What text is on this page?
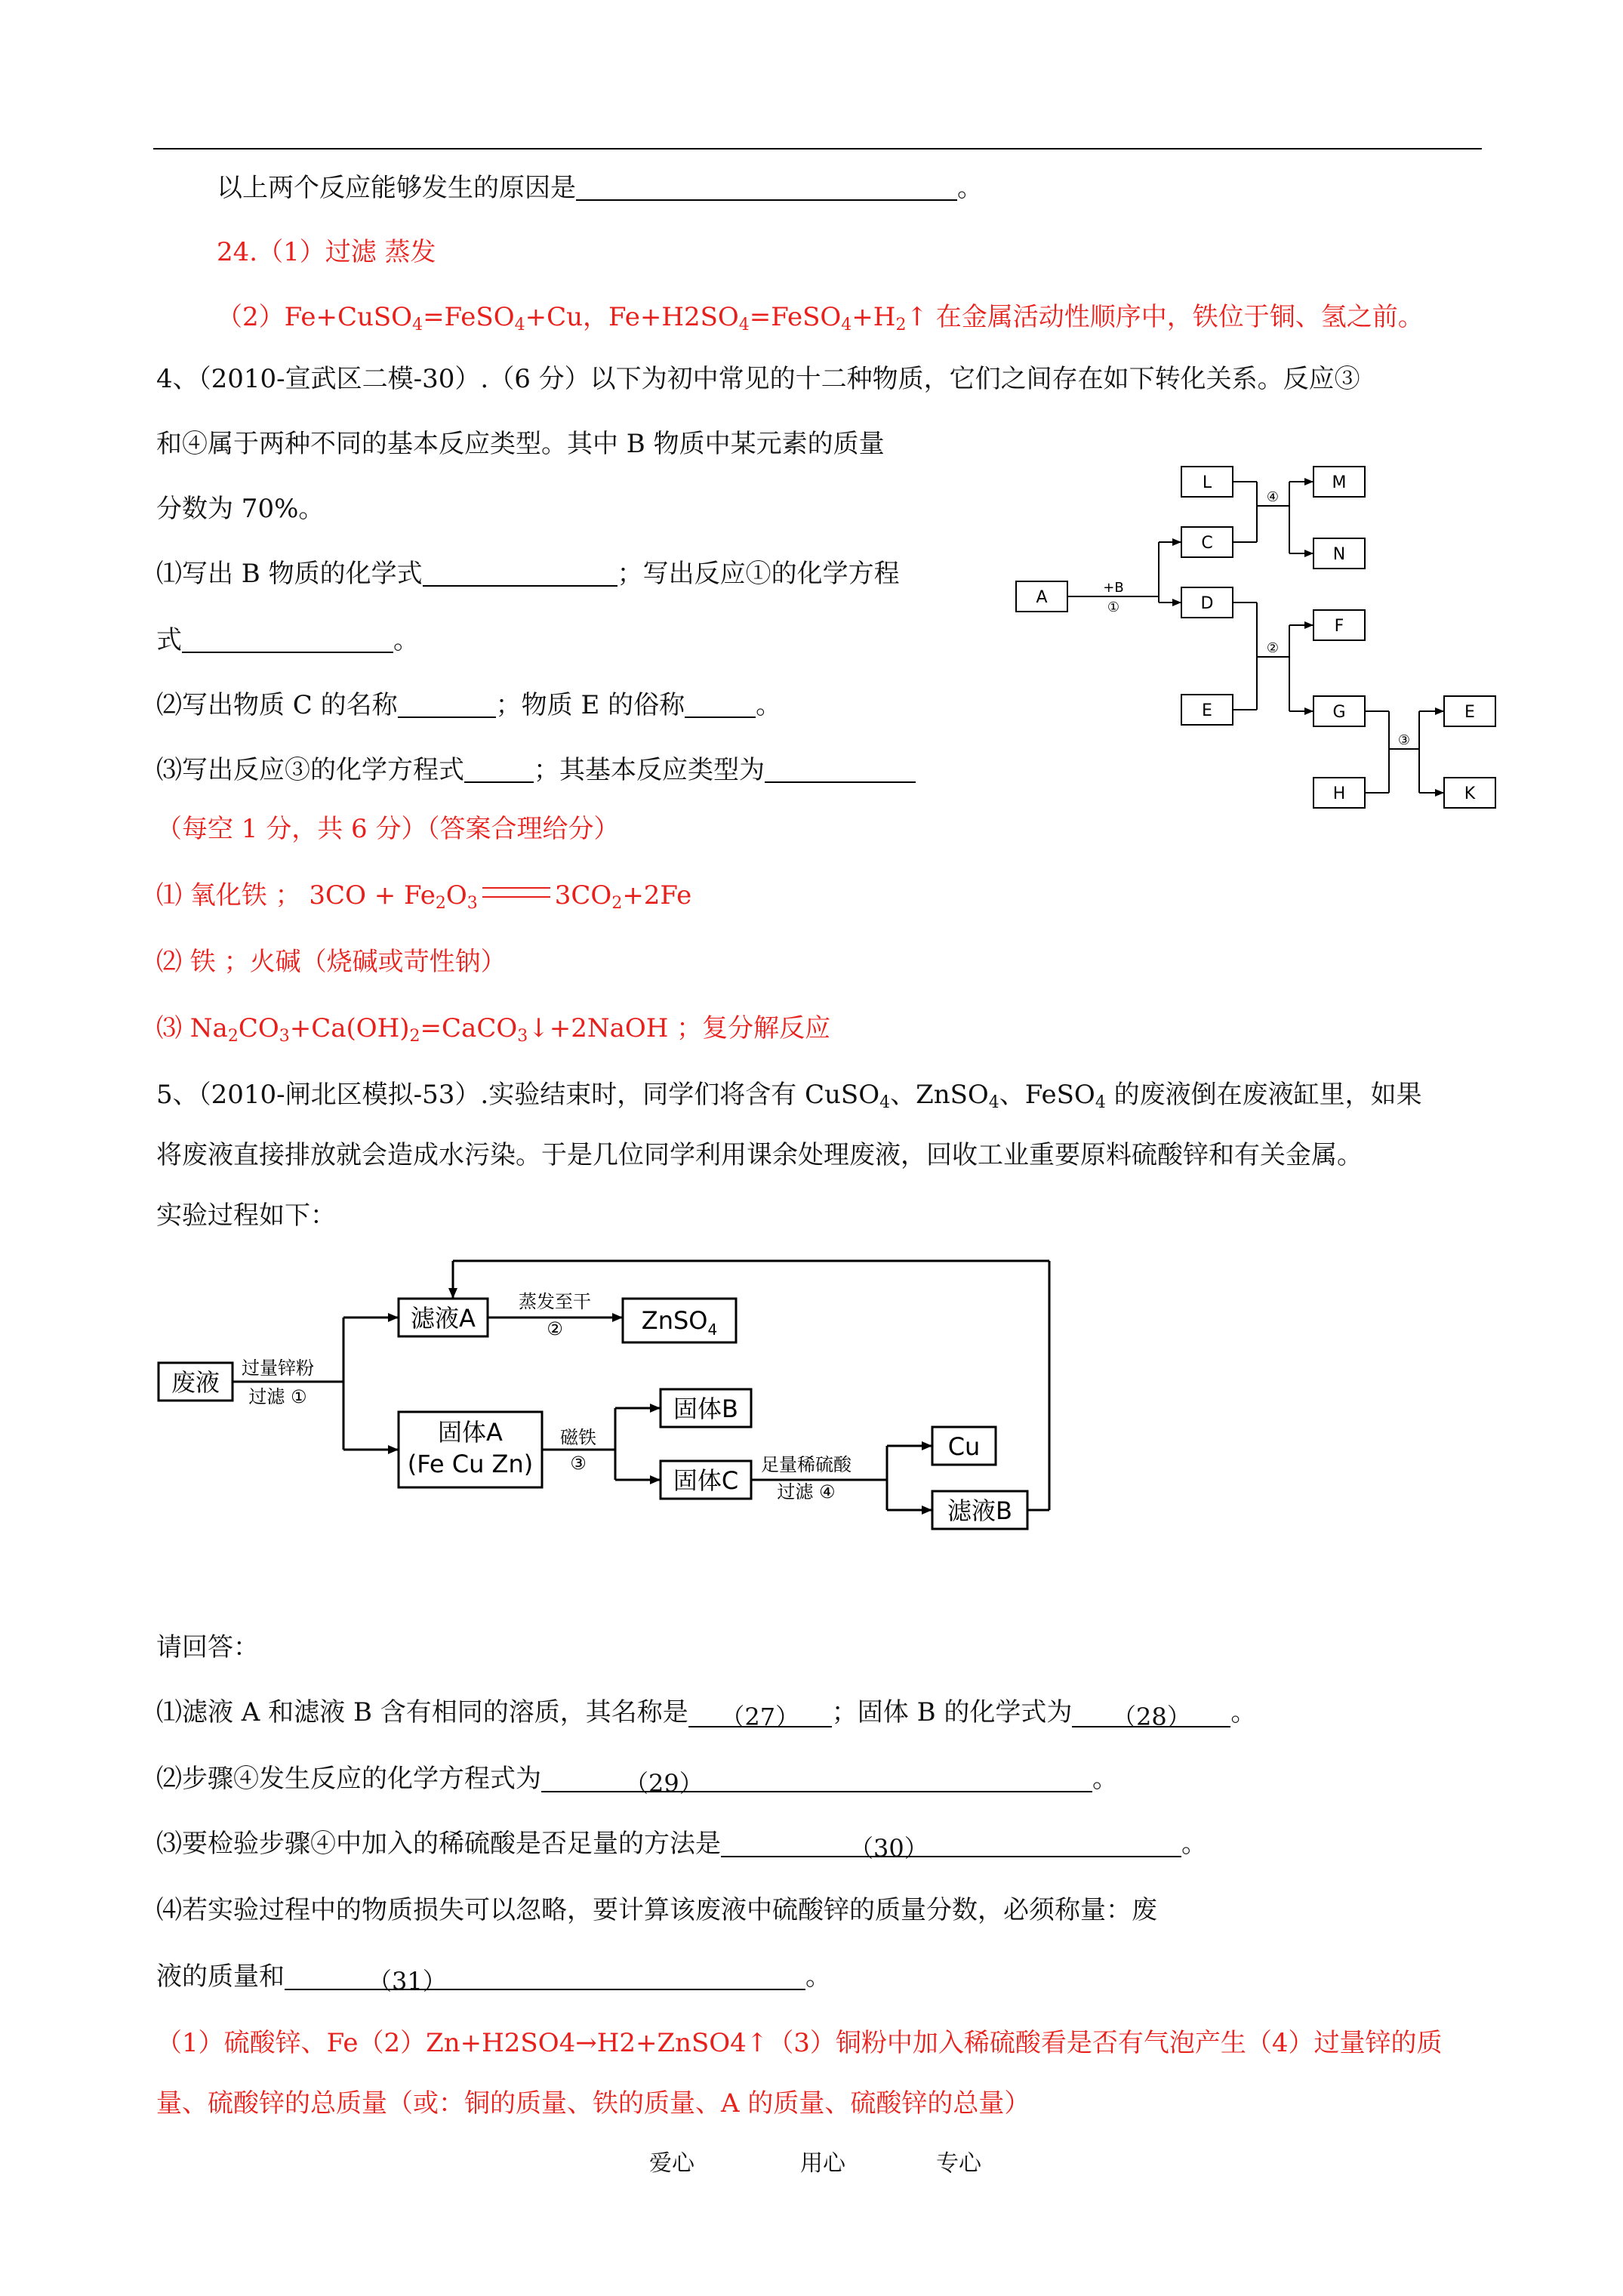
以上两个反应能够发生的原因是	。
24.（1）过滤 蒸发
（2）Fe+CuSO$_4$=FeSO$_4$+Cu，$Fe+H2SO_4=FeSO_4+H_2↑$ 在金属活动性顺序中，铁位于铜、氢之前。
4、（2010-宣武区二模-30）.（6 分）以下为初中常见的十二种物质，它们之间存在如下转化关系。反应③
和④属于两种不同的基本反应类型。其中 B 物质中某元素的质量
分数为 70%。
⑴写出 B 物质的化学式	；写出反应①的化学方程
式	。
⑵写出物质 C 的名称	；物质 E 的俗称	。
⑶写出反应③的化学方程式	；其基本反应类型为
A
L
C
D
E
M
N
F
G
H
E
K
+B
①
④
②
③
（每空 1 分，共 6 分）（答案合理给分）
⑴ 氧化铁 ； $3CO + Fe_2O_3$	$3CO_2+2Fe$
⑵ 铁 ；火碱（烧碱或苛性钠）
⑶ $Na_2CO_3+Ca(OH)_2=CaCO_3↓+2NaOH$ ；复分解反应
5、（2010-闸北区模拟-53）.实验结束时，同学们将含有 CuSO$_4$、ZnSO$_4$、FeSO$_4$ 的废液倒在废液缸里，如果
将废液直接排放就会造成水污染。于是几位同学利用课余处理废液，回收工业重要原料硫酸锌和有关金属。
实验过程如下：
废液
滤液A
固体A
(Fe Cu Zn)
固体B
固体C
Cu
滤液B
ZnSO$_4$
过量锌粉
过滤 ①
蒸发至干
②
磁铁
③	足量稀硫酸
过滤 ④
请回答：
⑴滤液 A 和滤液 B 含有相同的溶质，其名称是 （27） ；固体 B 的化学式为 （28） 。
⑵步骤④发生反应的化学方程式为	（29）	。
⑶要检验步骤④中加入的稀硫酸是否足量的方法是	（30）	。
⑷若实验过程中的物质损失可以忽略，要计算该废液中硫酸锌的质量分数，必须称量：废
液的质量和	（31）	。
（1）硫酸锌、Fe（2）Zn+H2SO4→H2+ZnSO4↑（3）铜粉中加入稀硫酸看是否有气泡产生（4）过量锌的质
量、硫酸锌的总质量（或：铜的质量、铁的质量、A 的质量、硫酸锌的总量）
爱心	用心	专心
